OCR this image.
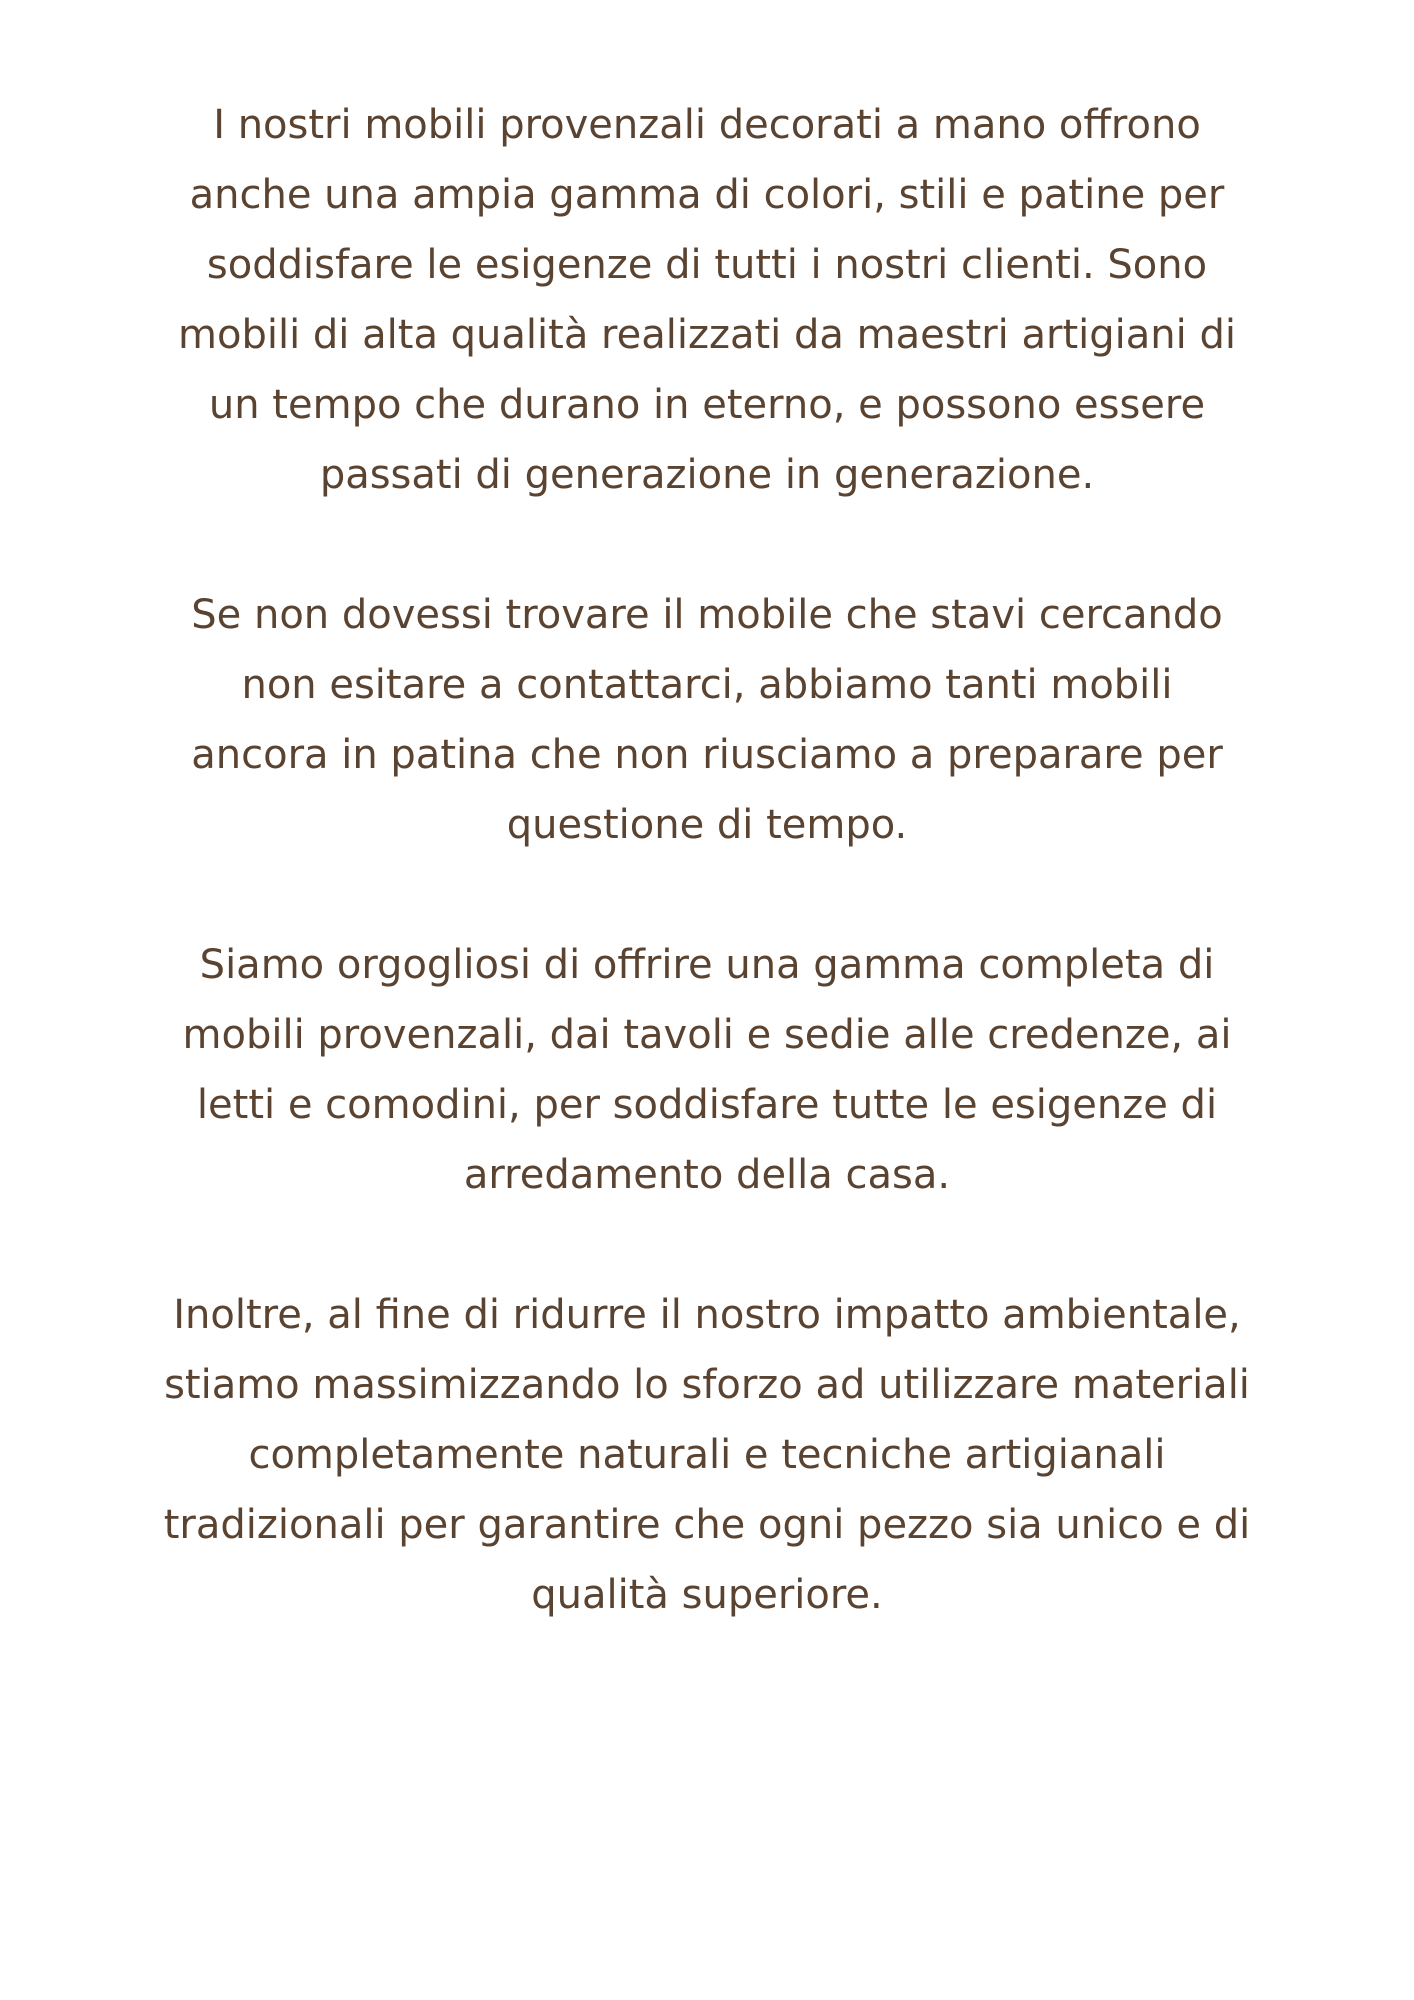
I nostri mobili provenzali decorati a mano offrono
anche una ampia gamma di colori, stili e patine per
soddisfare le esigenze di tutti i nostri clienti. Sono
mobili di alta qualità realizzati da maestri artigiani di
un tempo che durano in eterno, e possono essere
passati di generazione in generazione.

Se non dovessi trovare il mobile che stavi cercando
non esitare a contattarci, abbiamo tanti mobili
ancora in patina che non riusciamo a preparare per
questione di tempo.

Siamo orgogliosi di offrire una gamma completa di
mobili provenzali, dai tavoli e sedie alle credenze, ai
letti e comodini, per soddisfare tutte le esigenze di
arredamento della casa.

Inoltre, al fine di ridurre il nostro impatto ambientale,
stiamo massimizzando lo sforzo ad utilizzare materiali
completamente naturali e tecniche artigianali
tradizionali per garantire che ogni pezzo sia unico e di
qualità superiore.
